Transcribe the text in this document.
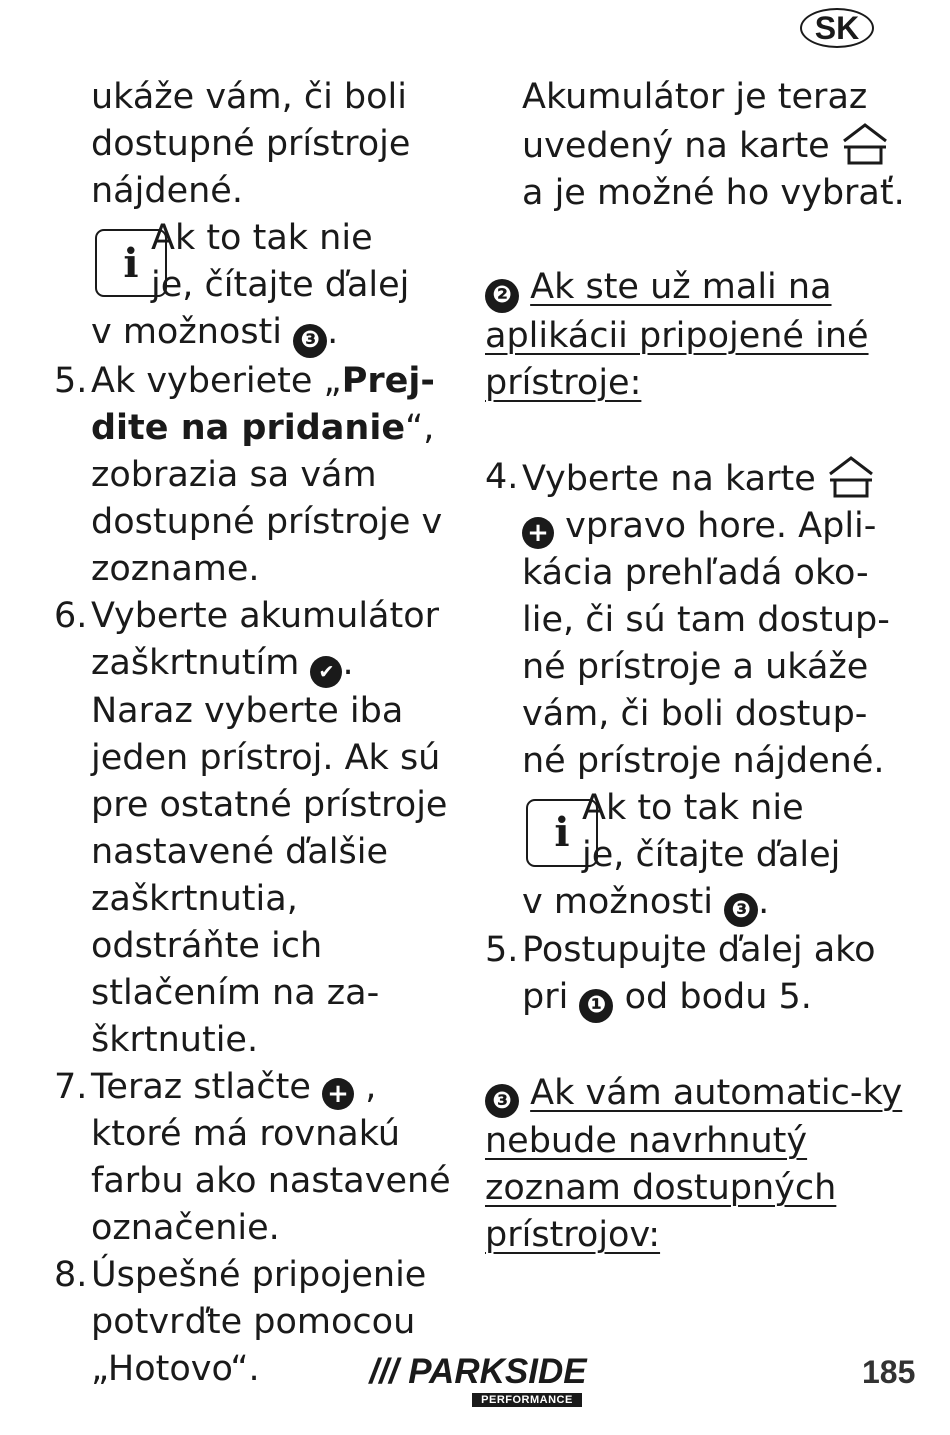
SK
ukáže vám, či boli
dostupné prístroje
nájdené.
i
Ak to tak nie
je, čítajte ďalej
v možnosti ❸ .
5. Ak vyberiete „Prej-dite na pridanie“, zobrazia sa vám dostupné prístroje v zozname.
6. Vyberte akumulátor zaškrtnutím ✔ . Naraz vyberte iba jeden prístroj. Ak sú pre ostatné prístroje nastavené ďalšie zaškrtnutia, odstráňte ich stlačením na za-škrtnutie.
7. Teraz stlačte + , ktoré má rovnakú farbu ako nastavené označenie.
8. Úspešné pripojenie potvrďte pomocou „Hotovo“.
Akumulátor je teraz uvedený na karte  a je možné ho vybrať.
❷ Ak ste už mali na aplikácii pripojené iné prístroje:
4. Vyberte na karte  + vpravo hore. Apli-kácia prehľadá oko-lie, či sú tam dostup-né prístroje a ukáže vám, či boli dostup-né prístroje nájdené.
i
Ak to tak nie
je, čítajte ďalej
v možnosti ❸ .
5. Postupujte ďalej ako pri ❶ od bodu 5.
❸ Ak vám automatic-ky nebude navrhnutý zoznam dostupných prístrojov:
/// PARKSIDE
PERFORMANCE
185
